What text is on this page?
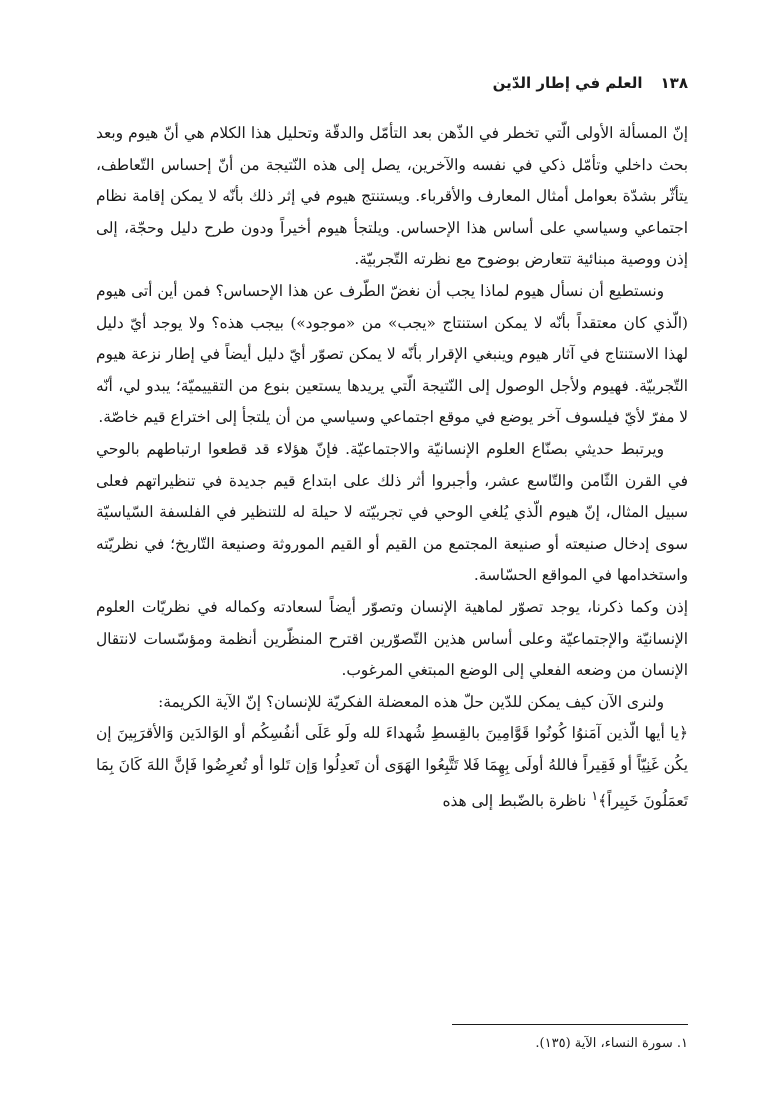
١٣٨
العلم في إطار الدّين

إنّ المسألة الأولى الّتي تخطر في الذّهن بعد التأمّل والدقّة وتحليل هذا الكلام هي أنّ هيوم وبعد بحث داخلي وتأمّل ذكي في نفسه والآخرين، يصل إلى هذه النّتيجة من أنّ إحساس التّعاطف، يتأثّر بشدّة بعوامل أمثال المعارف والأقرباء. ويستنتج هيوم في إثر ذلك بأنّه لا يمكن إقامة نظام اجتماعي وسياسي على أساس هذا الإحساس. ويلتجأ هيوم أخيراً ودون طرح دليل وحجّة، إلى إذن ووصية مبنائية تتعارض بوضوح مع نظرته التّجربيّة.

ونستطيع أن نسأل هيوم لماذا يجب أن نغضّ الطّرف عن هذا الإحساس؟ فمن أين أتى هيوم (الّذي كان معتقداً بأنّه لا يمكن استنتاج «يجب» من «موجود») بيجب هذه؟ ولا يوجد أيّ دليل لهذا الاستنتاج في آثار هيوم وينبغي الإقرار بأنّه لا يمكن تصوّر أيّ دليل أيضاً في إطار نزعة هيوم التّجربيّة. فهيوم ولأجل الوصول إلى النّتيجة الّتي يريدها يستعين بنوع من التقييميّة؛ يبدو لي، أنّه لا مفرّ لأيّ فيلسوف آخر يوضع في موقع اجتماعي وسياسي من أن يلتجأ إلى اختراع قيم خاصّة.

ويرتبط حديثي بصنّاع العلوم الإنسانيّة والاجتماعيّة. فإنّ هؤلاء قد قطعوا ارتباطهم بالوحي في القرن الثّامن والتّاسع عشر، وأجبروا أثر ذلك على ابتداع قيم جديدة في تنظيراتهم فعلى سبيل المثال، إنّ هيوم الّذي يُلغي الوحي في تجربيّته لا حيلة له للتنظير في الفلسفة السّياسيّة سوى إدخال صنيعته أو صنيعة المجتمع من القيم أو القيم الموروثة وصنيعة التّاريخ؛ في نظريّته واستخدامها في المواقع الحسّاسة.

إذن وكما ذكرنا، يوجد تصوّر لماهية الإنسان وتصوّر أيضاً لسعادته وكماله في نظريّات العلوم الإنسانيّة والإجتماعيّة وعلى أساس هذين التّصوّرين اقترح المنظّرين أنظمة ومؤسّسات لانتقال الإنسان من وضعه الفعلي إلى الوضع المبتغي المرغوب.

ولنرى الآن كيف يمكن للدّين حلّ هذه المعضلة الفكريّة للإنسان؟ إنّ الآية الكريمة:
﴿يا أيها الّذين آمَنوُا كُونُوا قَوَّامِينَ بالقِسطِ شُهداءَ لله ولَو عَلَى أنفُسِكُم أو الوَالدَين وَالأقرَبِينَ إن يكُن غَنِيّاً أو فَقِيراً فاللهُ أولَى بِهِمَا فَلا تَتَّبِعُوا الهَوَى أن تَعدِلُوا وَإن تَلوا أو تُعرِضُوا فَإنَّ اللهَ كَانَ بِمَا تَعمَلُونَ خَبِيراً﴾$^١$ ناظرة بالضّبط إلى هذه

١. سورة النساء، الآية (١٣٥).
